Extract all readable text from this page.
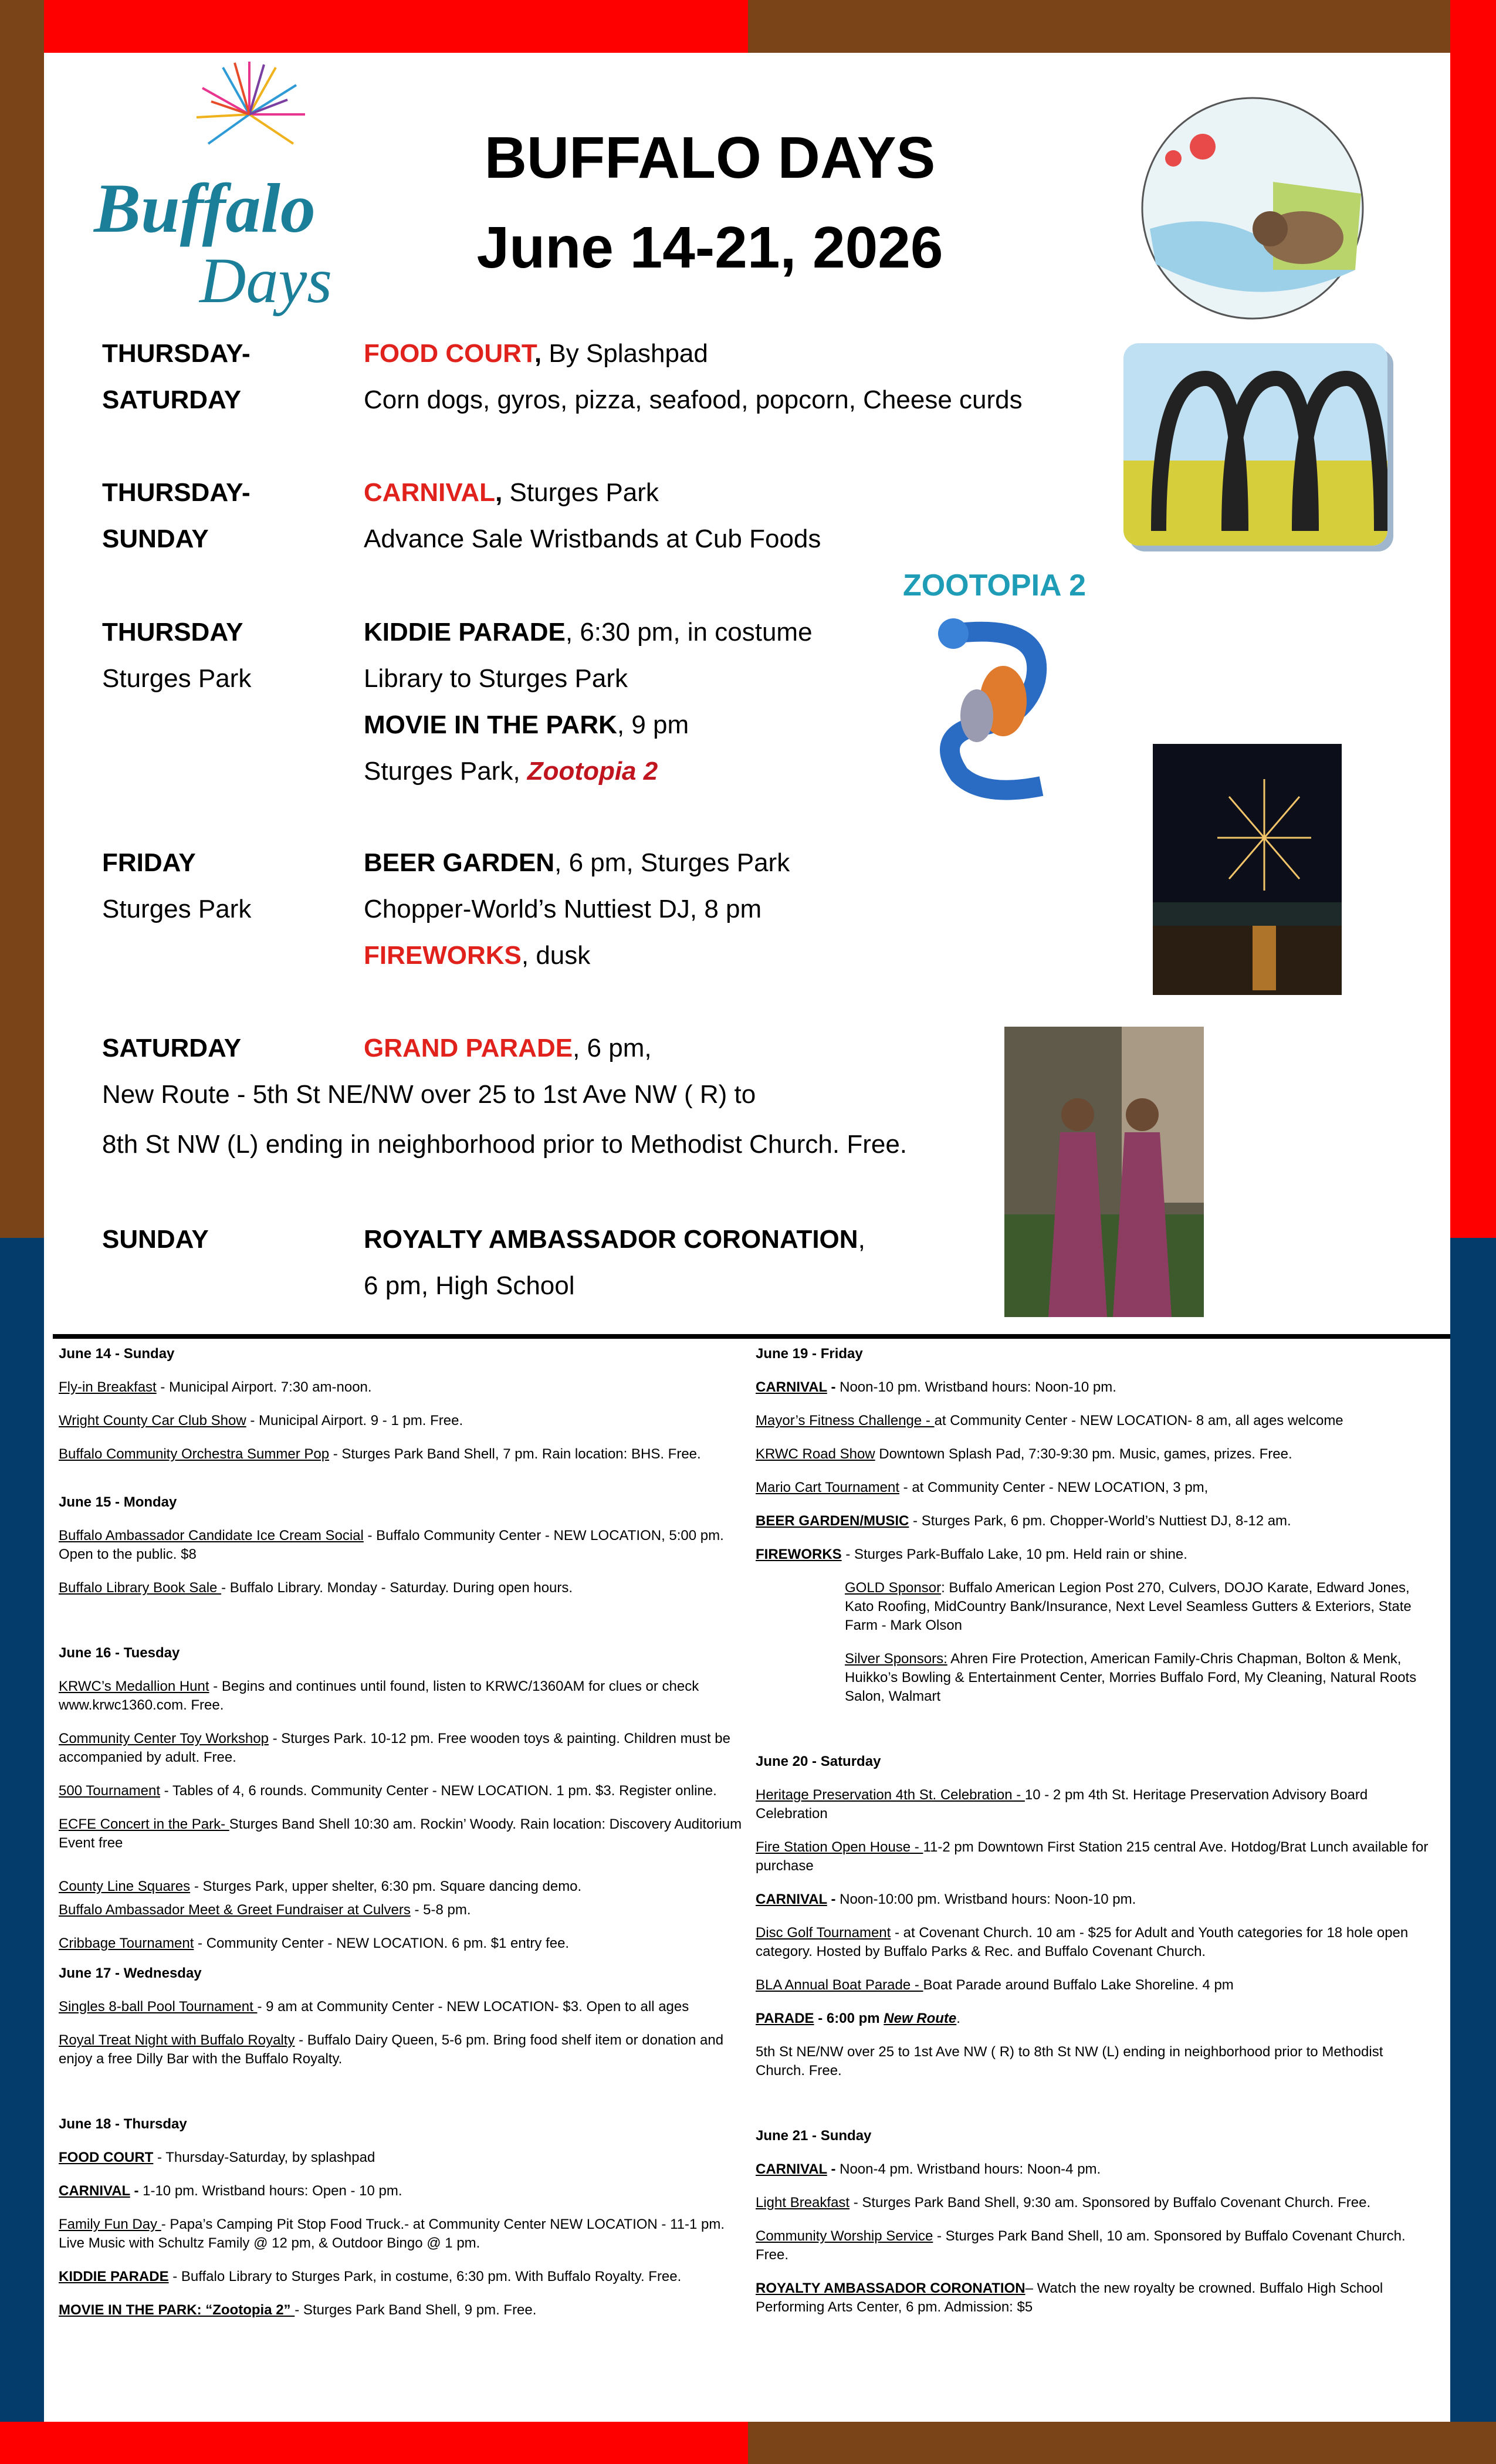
Buffalo
Days
BUFFALO DAYS
June 14-21, 2026
THURSDAY-
SATURDAY
FOOD COURT, By Splashpad
Corn dogs, gyros, pizza, seafood, popcorn, Cheese curds
THURSDAY-
SUNDAY
CARNIVAL, Sturges Park
Advance Sale Wristbands at Cub Foods
THURSDAY
Sturges Park
KIDDIE PARADE, 6:30 pm, in costume
Library to Sturges Park
MOVIE IN THE PARK, 9 pm
Sturges Park, Zootopia 2
ZOOTOPIA 2
FRIDAY
Sturges Park
BEER GARDEN, 6 pm, Sturges Park
Chopper-World’s Nuttiest DJ, 8 pm
FIREWORKS, dusk
SATURDAY	GRAND PARADE, 6 pm,
New Route - 5th St NE/NW over 25 to 1st Ave NW ( R) to
8th St NW (L) ending in neighborhood prior to Methodist Church. Free.
SUNDAY	ROYALTY AMBASSADOR CORONATION,
6 pm, High School

June 14 - Sunday

Fly-in Breakfast - Municipal Airport. 7:30 am-noon.

Wright County Car Club Show - Municipal Airport. 9 - 1 pm. Free.

Buffalo Community Orchestra Summer Pop - Sturges Park Band Shell, 7 pm. Rain location: BHS. Free.

June 15 - Monday

Buffalo Ambassador Candidate Ice Cream Social - Buffalo Community Center - NEW LOCATION, 5:00 pm. Open to the public. $8

Buffalo Library Book Sale - Buffalo Library. Monday - Saturday. During open hours.

June 16 - Tuesday

KRWC’s Medallion Hunt - Begins and continues until found, listen to KRWC/1360AM for clues or check www.krwc1360.com. Free.

Community Center Toy Workshop - Sturges Park. 10-12 pm. Free wooden toys & painting. Children must be accompanied by adult. Free.

500 Tournament - Tables of 4, 6 rounds. Community Center - NEW LOCATION. 1 pm. $3. Register online.

ECFE Concert in the Park- Sturges Band Shell 10:30 am. Rockin’ Woody. Rain location: Discovery Auditorium Event free

County Line Squares - Sturges Park, upper shelter, 6:30 pm. Square dancing demo.

Buffalo Ambassador Meet & Greet Fundraiser at Culvers - 5-8 pm.

Cribbage Tournament - Community Center - NEW LOCATION. 6 pm. $1 entry fee.

June 17 - Wednesday

Singles 8-ball Pool Tournament - 9 am at Community Center - NEW LOCATION- $3. Open to all ages

Royal Treat Night with Buffalo Royalty - Buffalo Dairy Queen, 5-6 pm. Bring food shelf item or donation and enjoy a free Dilly Bar with the Buffalo Royalty.

June 18 - Thursday

FOOD COURT - Thursday-Saturday, by splashpad

CARNIVAL - 1-10 pm. Wristband hours: Open - 10 pm.

Family Fun Day - Papa’s Camping Pit Stop Food Truck.- at Community Center NEW LOCATION - 11-1 pm. Live Music with Schultz Family @ 12 pm, & Outdoor Bingo @ 1 pm.

KIDDIE PARADE - Buffalo Library to Sturges Park, in costume, 6:30 pm. With Buffalo Royalty. Free.

MOVIE IN THE PARK: “Zootopia 2” - Sturges Park Band Shell, 9 pm. Free.

June 19 - Friday

CARNIVAL - Noon-10 pm. Wristband hours: Noon-10 pm.

Mayor’s Fitness Challenge - at Community Center - NEW LOCATION- 8 am, all ages welcome

KRWC Road Show Downtown Splash Pad, 7:30-9:30 pm. Music, games, prizes. Free.

Mario Cart Tournament - at Community Center - NEW LOCATION, 3 pm,

BEER GARDEN/MUSIC - Sturges Park, 6 pm. Chopper-World’s Nuttiest DJ, 8-12 am.

FIREWORKS - Sturges Park-Buffalo Lake, 10 pm. Held rain or shine.

GOLD Sponsor: Buffalo American Legion Post 270, Culvers, DOJO Karate, Edward Jones, Kato Roofing, MidCountry Bank/Insurance, Next Level Seamless Gutters & Exteriors, State Farm - Mark Olson

Silver Sponsors: Ahren Fire Protection, American Family-Chris Chapman, Bolton & Menk, Huikko’s Bowling & Entertainment Center, Morries Buffalo Ford, My Cleaning, Natural Roots Salon, Walmart

June 20 - Saturday

Heritage Preservation 4th St. Celebration - 10 - 2 pm 4th St. Heritage Preservation Advisory Board Celebration

Fire Station Open House - 11-2 pm Downtown First Station 215 central Ave. Hotdog/Brat Lunch available for purchase

CARNIVAL - Noon-10:00 pm. Wristband hours: Noon-10 pm.

Disc Golf Tournament - at Covenant Church. 10 am - $25 for Adult and Youth categories for 18 hole open category. Hosted by Buffalo Parks & Rec. and Buffalo Covenant Church.

BLA Annual Boat Parade - Boat Parade around Buffalo Lake Shoreline. 4 pm

PARADE - 6:00 pm New Route.

5th St NE/NW over 25 to 1st Ave NW ( R) to 8th St NW (L) ending in neighborhood prior to Methodist Church. Free.

June 21 - Sunday

CARNIVAL - Noon-4 pm. Wristband hours: Noon-4 pm.

Light Breakfast - Sturges Park Band Shell, 9:30 am. Sponsored by Buffalo Covenant Church. Free.

Community Worship Service - Sturges Park Band Shell, 10 am. Sponsored by Buffalo Covenant Church. Free.

ROYALTY AMBASSADOR CORONATION– Watch the new royalty be crowned. Buffalo High School Performing Arts Center, 6 pm. Admission: $5
